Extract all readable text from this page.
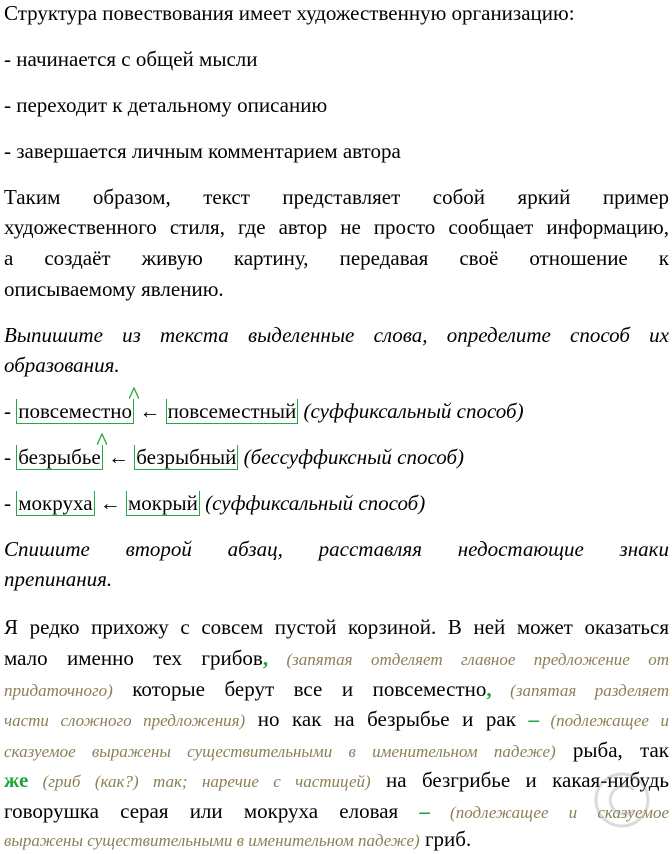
Структура повествования имеет художественную организацию:
- начинается с общей мысли
- переходит к детальному описанию
- завершается личным комментарием автора
Таким образом, текст представляет собой яркий пример
художественного стиля, где автор не просто сообщает информацию,
а создаёт живую картину, передавая своё отношение к
описываемому явлению.
Выпишите из текста выделенные слова, определите способ их
образования.
- повсеместно
← повсеместный (суффиксальный способ)
- безрыбье
← безрыбный (бессуффиксный способ)
- мокруха ← мокрый (суффиксальный способ)
Спишите второй абзац, расставляя недостающие знаки
препинания.
Я редко прихожу с совсем пустой корзиной. В ней может оказаться
мало именно тех грибов, (запятая отделяет главное предложение от
придаточного) которые берут все и повсеместно, (запятая разделяет
части сложного предложения) но как на безрыбье и рак – (подлежащее и
сказуемое выражены существительными в именительном падеже) рыба, так
же (гриб (как?) так; наречие с частицей) на безгрибье и какая-нибудь
говорушка серая или мокруха еловая – (подлежащее и сказуемое
выражены существительными в именительном падеже) гриб.
